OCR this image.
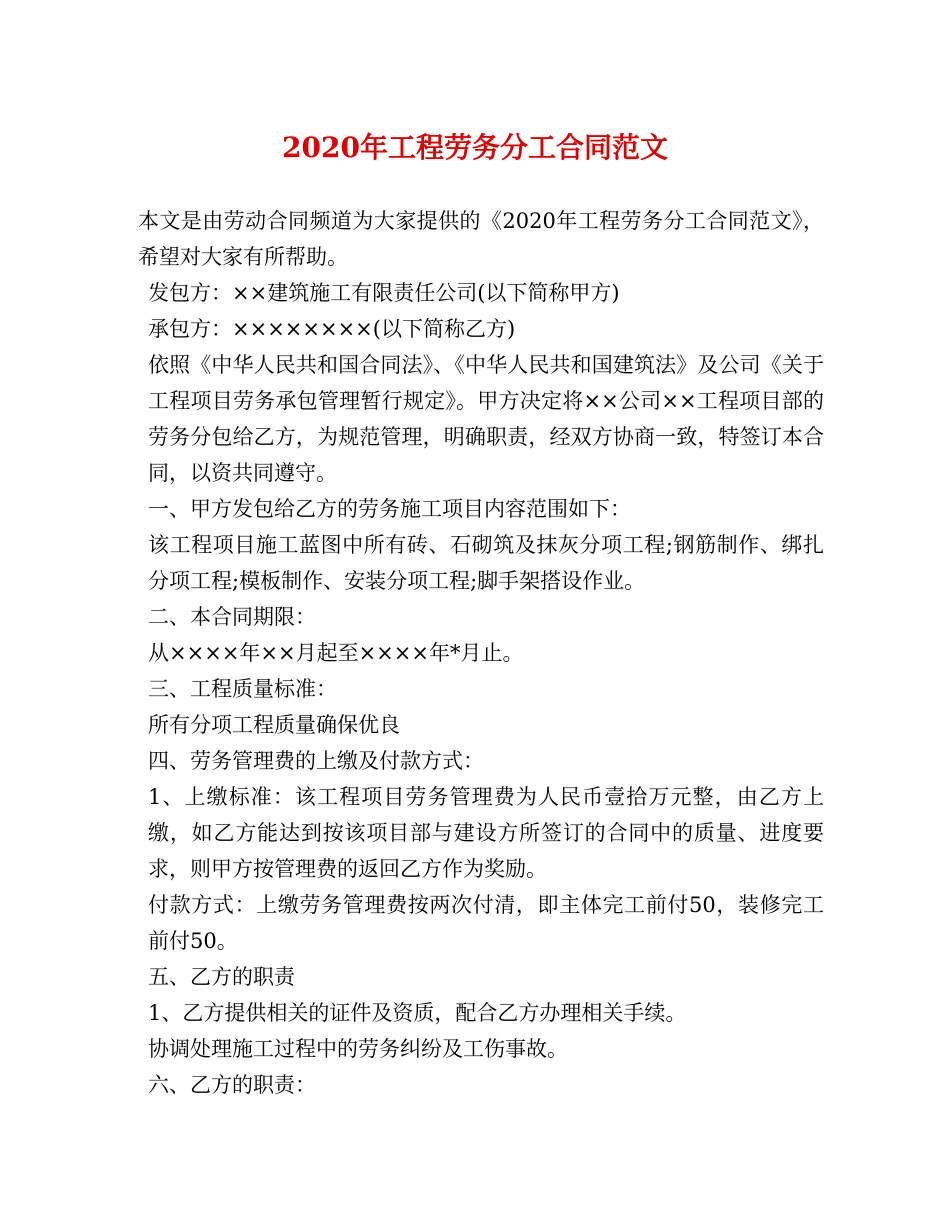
2020年工程劳务分工合同范文

本文是由劳动合同频道为大家提供的《2020年工程劳务分工合同范文》，希望对大家有所帮助。

发包方：××建筑施工有限责任公司(以下简称甲方)

承包方：××××××××(以下简称乙方)

依照《中华人民共和国合同法》、《中华人民共和国建筑法》及公司《关于工程项目劳务承包管理暂行规定》。甲方决定将××公司××工程项目部的劳务分包给乙方，为规范管理，明确职责，经双方协商一致，特签订本合同，以资共同遵守。

一、甲方发包给乙方的劳务施工项目内容范围如下：

该工程项目施工蓝图中所有砖、石砌筑及抹灰分项工程;钢筋制作、绑扎分项工程;模板制作、安装分项工程;脚手架搭设作业。

二、本合同期限：

从××××年××月起至××××年*月止。

三、工程质量标准：

所有分项工程质量确保优良

四、劳务管理费的上缴及付款方式：

1、上缴标准：该工程项目劳务管理费为人民币壹拾万元整，由乙方上缴，如乙方能达到按该项目部与建设方所签订的合同中的质量、进度要求，则甲方按管理费的返回乙方作为奖励。

付款方式：上缴劳务管理费按两次付清，即主体完工前付50，装修完工前付50。

五、乙方的职责

1、乙方提供相关的证件及资质，配合乙方办理相关手续。

协调处理施工过程中的劳务纠纷及工伤事故。

六、乙方的职责：
